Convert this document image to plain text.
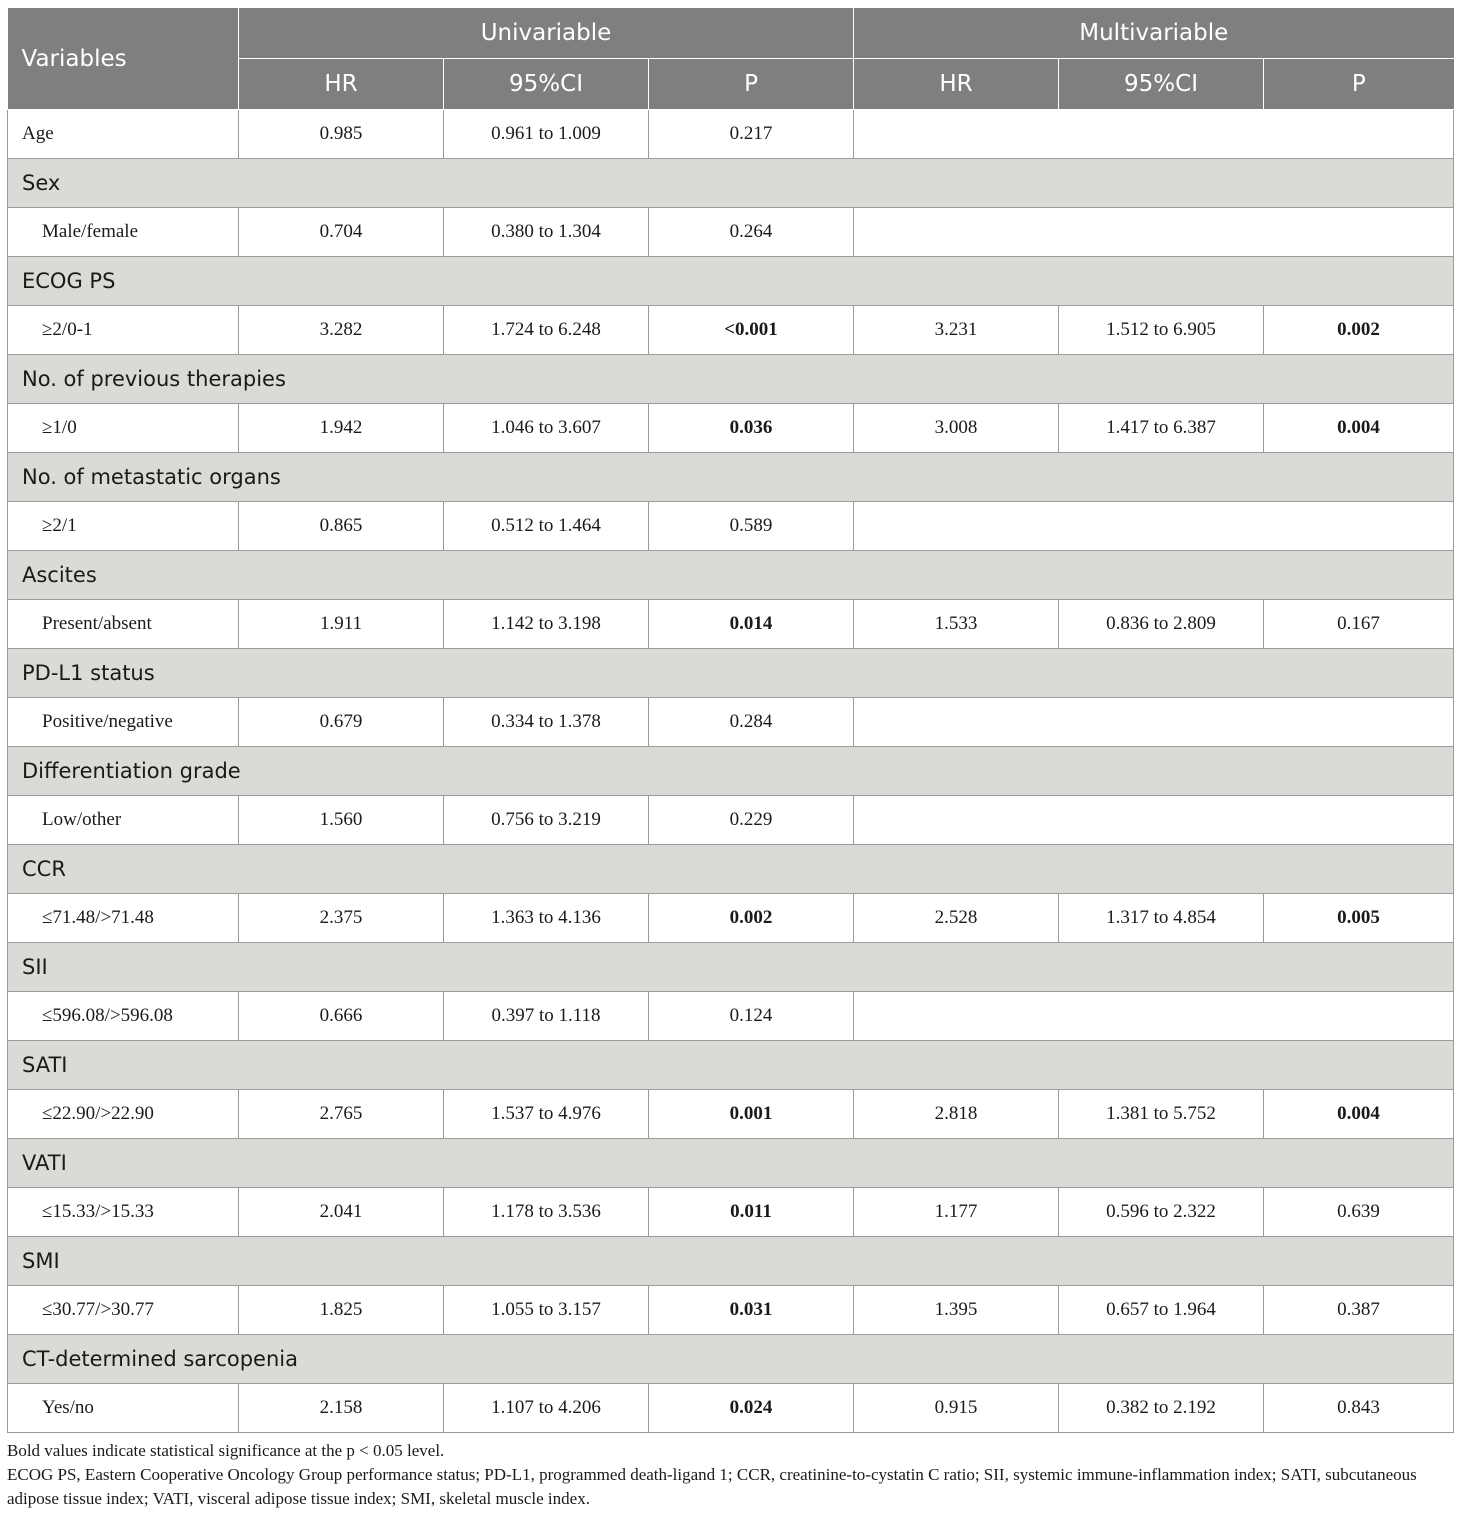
Variables	Univariable			Multivariable		
	HR	95%CI	P	HR	95%CI	P
Age	0.985	0.961 to 1.009	0.217			
Sex						
Male/female	0.704	0.380 to 1.304	0.264			
ECOG PS						
≥2/0-1	3.282	1.724 to 6.248	<0.001	3.231	1.512 to 6.905	0.002
No. of previous therapies						
≥1/0	1.942	1.046 to 3.607	0.036	3.008	1.417 to 6.387	0.004
No. of metastatic organs						
≥2/1	0.865	0.512 to 1.464	0.589			
Ascites						
Present/absent	1.911	1.142 to 3.198	0.014	1.533	0.836 to 2.809	0.167
PD-L1 status						
Positive/negative	0.679	0.334 to 1.378	0.284			
Differentiation grade						
Low/other	1.560	0.756 to 3.219	0.229			
CCR						
≤71.48/>71.48	2.375	1.363 to 4.136	0.002	2.528	1.317 to 4.854	0.005
SII						
≤596.08/>596.08	0.666	0.397 to 1.118	0.124			
SATI						
≤22.90/>22.90	2.765	1.537 to 4.976	0.001	2.818	1.381 to 5.752	0.004
VATI						
≤15.33/>15.33	2.041	1.178 to 3.536	0.011	1.177	0.596 to 2.322	0.639
SMI						
≤30.77/>30.77	1.825	1.055 to 3.157	0.031	1.395	0.657 to 1.964	0.387
CT-determined sarcopenia						
Yes/no	2.158	1.107 to 4.206	0.024	0.915	0.382 to 2.192	0.843

Bold values indicate statistical significance at the p < 0.05 level.

ECOG PS, Eastern Cooperative Oncology Group performance status; PD-L1, programmed death-ligand 1; CCR, creatinine-to-cystatin C ratio; SII, systemic immune-inflammation index; SATI, subcutaneous adipose tissue index; VATI, visceral adipose tissue index; SMI, skeletal muscle index.
